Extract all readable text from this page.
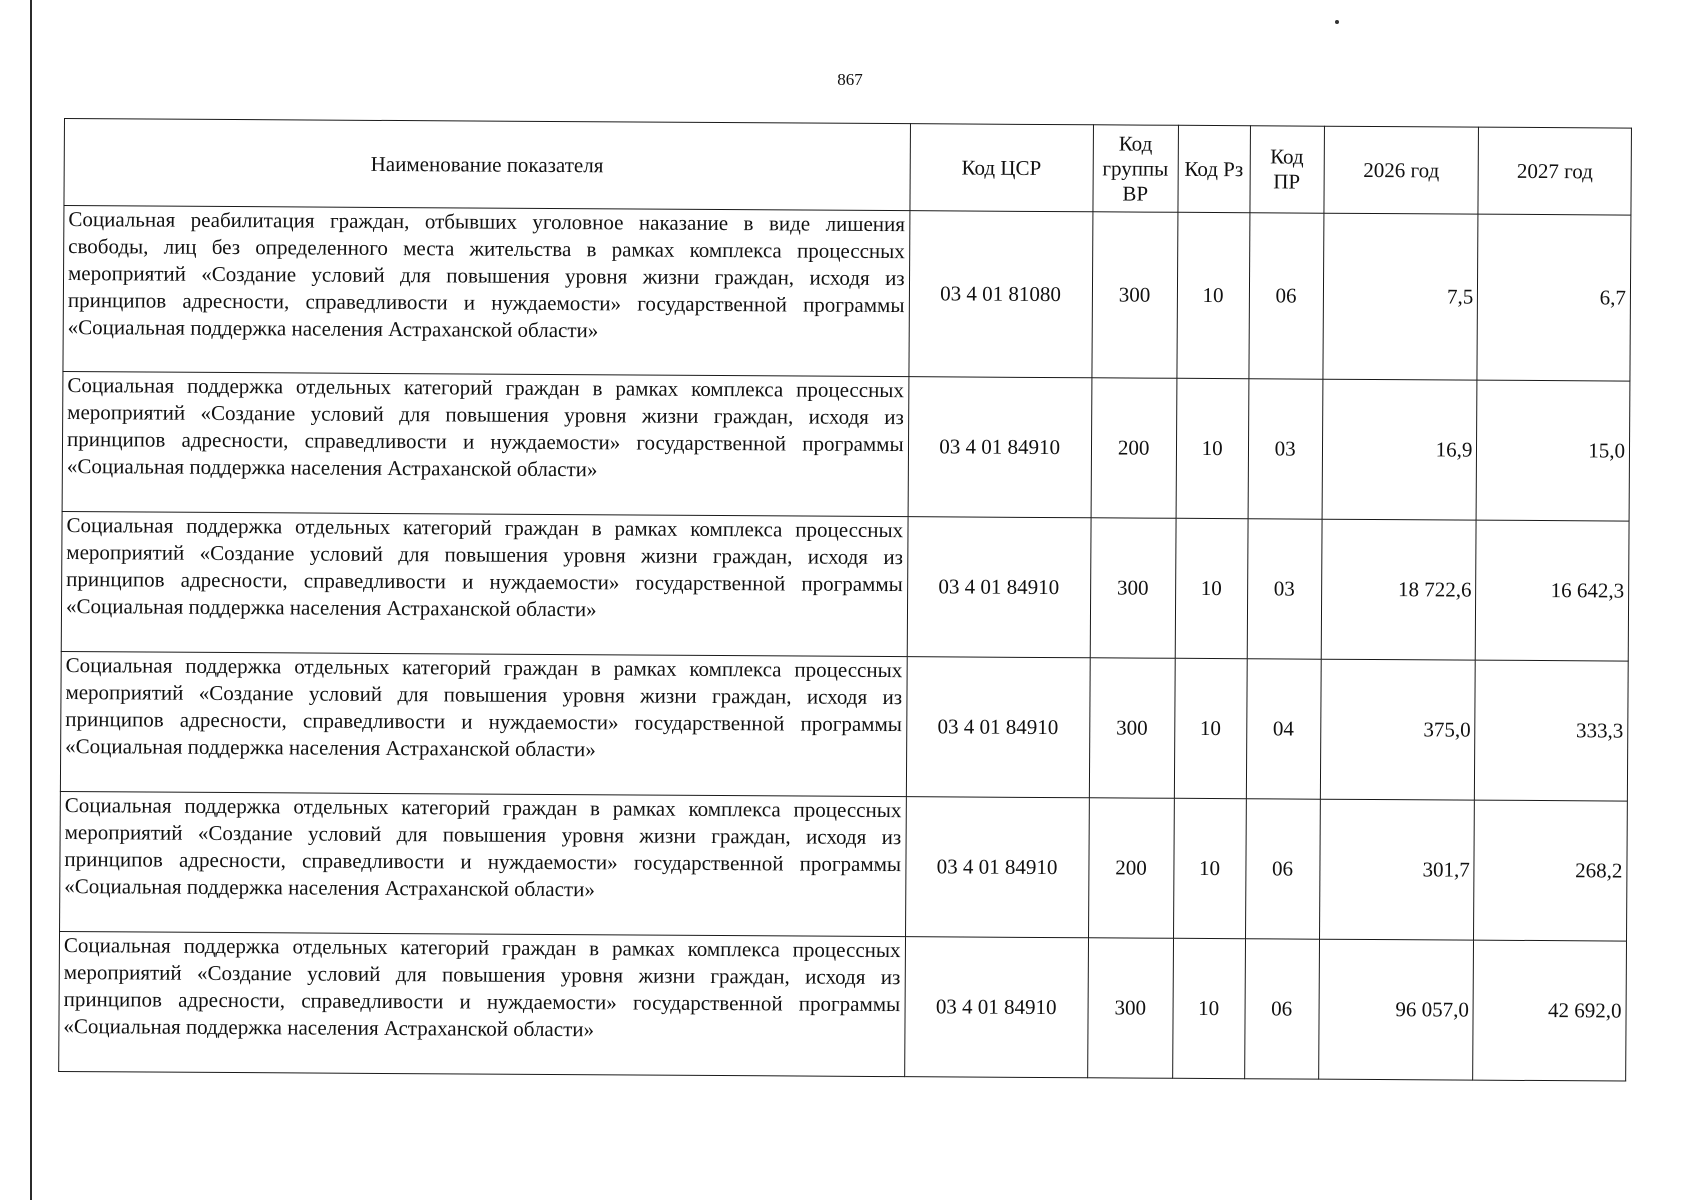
867
Наименование показателя	Код ЦСР	Код группы ВР	Код Рз	Код ПР	2026 год	2027 год
Социальная реабилитация граждан, отбывших уголовное наказание в виде лишения свободы, лиц без определенного места жительства в рамках комплекса процессных мероприятий «Создание условий для повышения уровня жизни граждан, исходя из принципов адресности, справедливости и нуждаемости» государственной программы «Социальная поддержка населения Астраханской области»	03 4 01 81080	300	10	06	7,5	6,7
Социальная поддержка отдельных категорий граждан в рамках комплекса процессных мероприятий «Создание условий для повышения уровня жизни граждан, исходя из принципов адресности, справедливости и нуждаемости» государственной программы «Социальная поддержка населения Астраханской области»	03 4 01 84910	200	10	03	16,9	15,0
Социальная поддержка отдельных категорий граждан в рамках комплекса процессных мероприятий «Создание условий для повышения уровня жизни граждан, исходя из принципов адресности, справедливости и нуждаемости» государственной программы «Социальная поддержка населения Астраханской области»	03 4 01 84910	300	10	03	18 722,6	16 642,3
Социальная поддержка отдельных категорий граждан в рамках комплекса процессных мероприятий «Создание условий для повышения уровня жизни граждан, исходя из принципов адресности, справедливости и нуждаемости» государственной программы «Социальная поддержка населения Астраханской области»	03 4 01 84910	300	10	04	375,0	333,3
Социальная поддержка отдельных категорий граждан в рамках комплекса процессных мероприятий «Создание условий для повышения уровня жизни граждан, исходя из принципов адресности, справедливости и нуждаемости» государственной программы «Социальная поддержка населения Астраханской области»	03 4 01 84910	200	10	06	301,7	268,2
Социальная поддержка отдельных категорий граждан в рамках комплекса процессных мероприятий «Создание условий для повышения уровня жизни граждан, исходя из принципов адресности, справедливости и нуждаемости» государственной программы «Социальная поддержка населения Астраханской области»	03 4 01 84910	300	10	06	96 057,0	42 692,0
